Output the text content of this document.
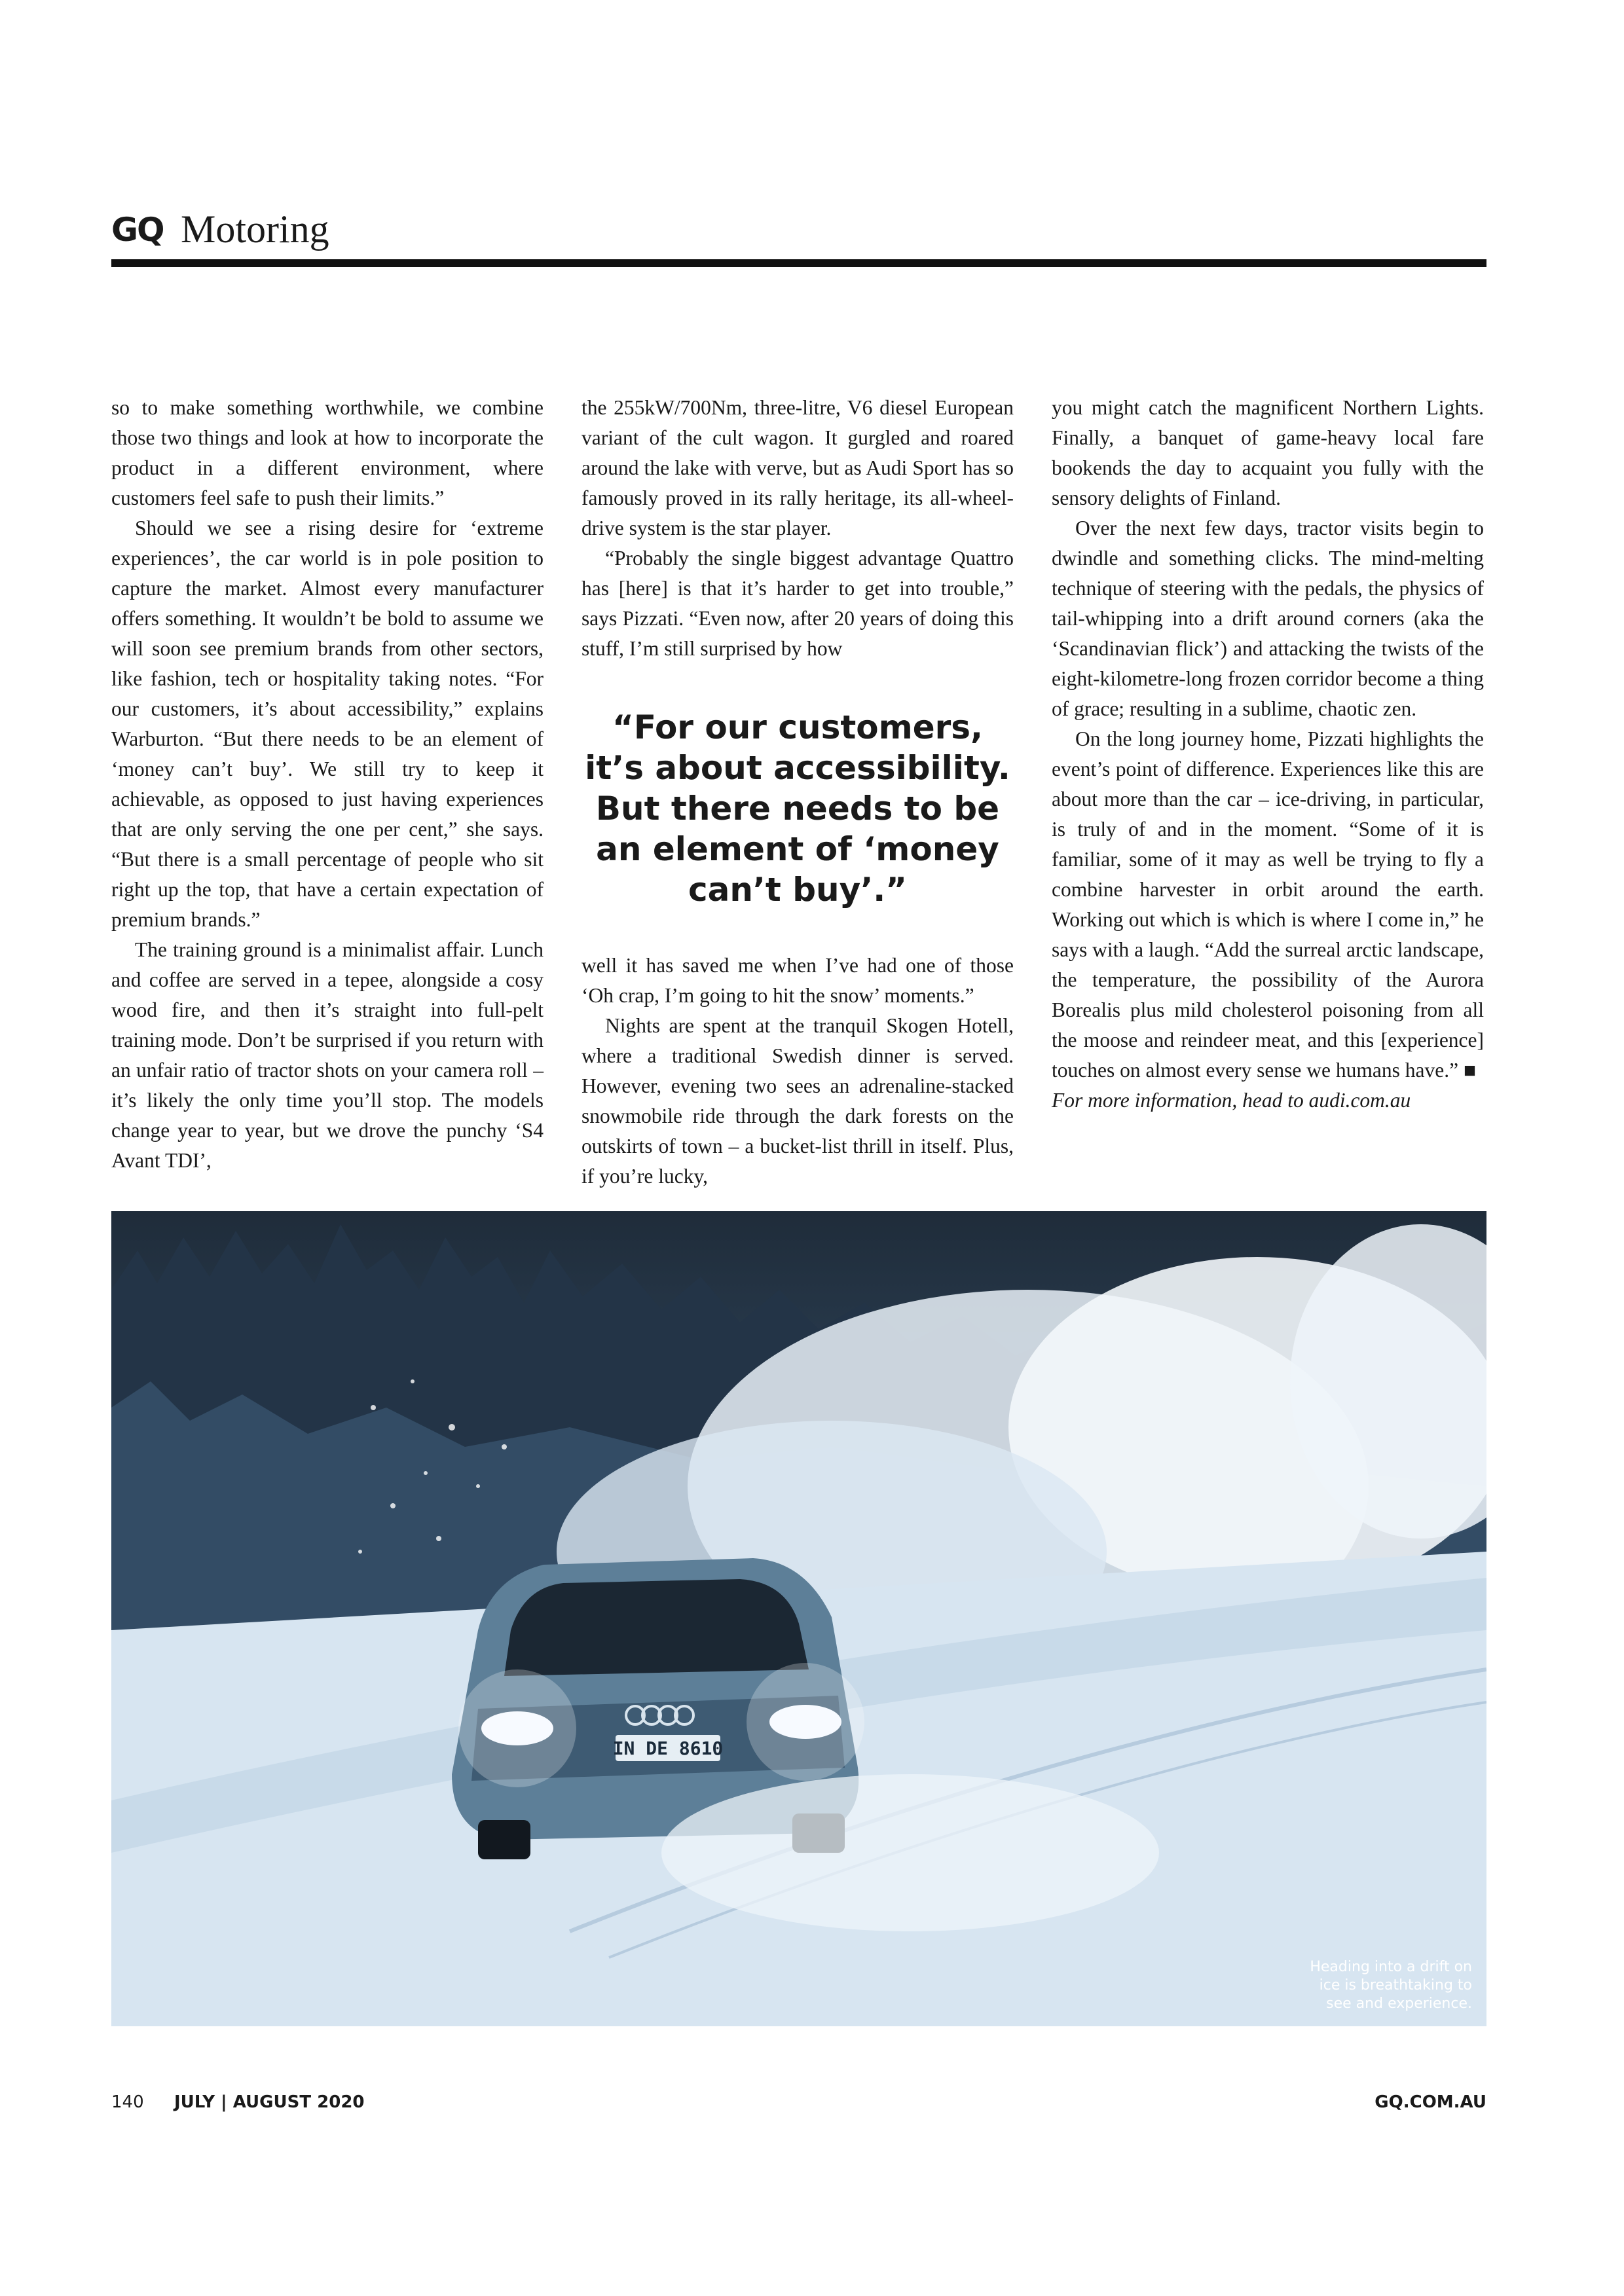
GQ Motoring

so to make something worthwhile, we combine those two things and look at how to incorporate the product in a different environment, where customers feel safe to push their limits.”

Should we see a rising desire for ‘extreme experiences’, the car world is in pole position to capture the market. Almost every manufacturer offers something. It wouldn’t be bold to assume we will soon see premium brands from other sectors, like fashion, tech or hospitality taking notes. “For our customers, it’s about accessibility,” explains Warburton. “But there needs to be an element of ‘money can’t buy’. We still try to keep it achievable, as opposed to just having experiences that are only serving the one per cent,” she says. “But there is a small percentage of people who sit right up the top, that have a certain expectation of premium brands.”

The training ground is a minimalist affair. Lunch and coffee are served in a tepee, alongside a cosy wood fire, and then it’s straight into full-pelt training mode. Don’t be surprised if you return with an unfair ratio of tractor shots on your camera roll – it’s likely the only time you’ll stop. The models change year to year, but we drove the punchy ‘S4 Avant TDI’,

the 255kW/700Nm, three-litre, V6 diesel European variant of the cult wagon. It gurgled and roared around the lake with verve, but as Audi Sport has so famously proved in its rally heritage, its all-wheel-drive system is the star player.

“Probably the single biggest advantage Quattro has [here] is that it’s harder to get into trouble,” says Pizzati. “Even now, after 20 years of doing this stuff, I’m still surprised by how

“For our customers, it’s about accessibility. But there needs to be an element of ‘money can’t buy’.”

well it has saved me when I’ve had one of those ‘Oh crap, I’m going to hit the snow’ moments.”

Nights are spent at the tranquil Skogen Hotell, where a traditional Swedish dinner is served. However, evening two sees an adrenaline-stacked snowmobile ride through the dark forests on the outskirts of town – a bucket-list thrill in itself. Plus, if you’re lucky,

you might catch the magnificent Northern Lights. Finally, a banquet of game-heavy local fare bookends the day to acquaint you fully with the sensory delights of Finland.

Over the next few days, tractor visits begin to dwindle and something clicks. The mind-melting technique of steering with the pedals, the physics of tail-whipping into a drift around corners (aka the ‘Scandinavian flick’) and attacking the twists of the eight-kilometre-long frozen corridor become a thing of grace; resulting in a sublime, chaotic zen.

On the long journey home, Pizzati highlights the event’s point of difference. Experiences like this are about more than the car – ice-driving, in particular, is truly of and in the moment. “Some of it is familiar, some of it may as well be trying to fly a combine harvester in orbit around the earth. Working out which is which is where I come in,” he says with a laugh. “Add the surreal arctic landscape, the temperature, the possibility of the Aurora Borealis plus mild cholesterol poisoning from all the moose and reindeer meat, and this [experience] touches on almost every sense we humans have.” ■

For more information, head to audi.com.au

IN DE 8610
Heading into a drift on ice is breathtaking to see and experience.
140 JULY | AUGUST 2020	GQ.COM.AU
